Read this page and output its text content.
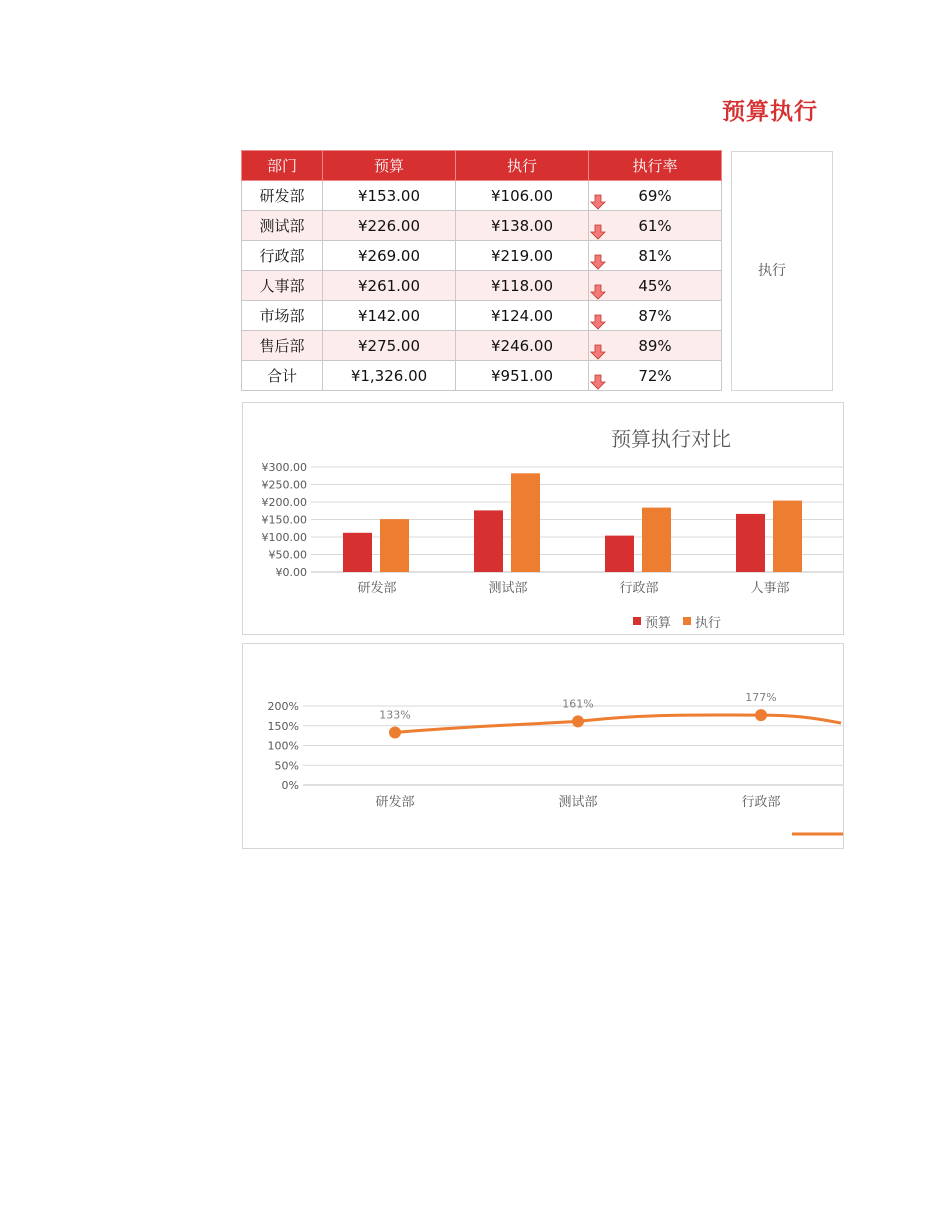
预算执行
部门	预算	执行	执行率
研发部	¥153.00	¥106.00	69%
测试部	¥226.00	¥138.00	61%
行政部	¥269.00	¥219.00	81%
人事部	¥261.00	¥118.00	45%
市场部	¥142.00	¥124.00	87%
售后部	¥275.00	¥246.00	89%
合计	¥1,326.00	¥951.00	72%
执行
预算执行对比
¥0.00
¥50.00
¥100.00
¥150.00
¥200.00
¥250.00
¥300.00
研发部	测试部	行政部	人事部
预算 执行
0%
50%
100%
150%
200%
133%
研发部
161%
测试部
177%
行政部
